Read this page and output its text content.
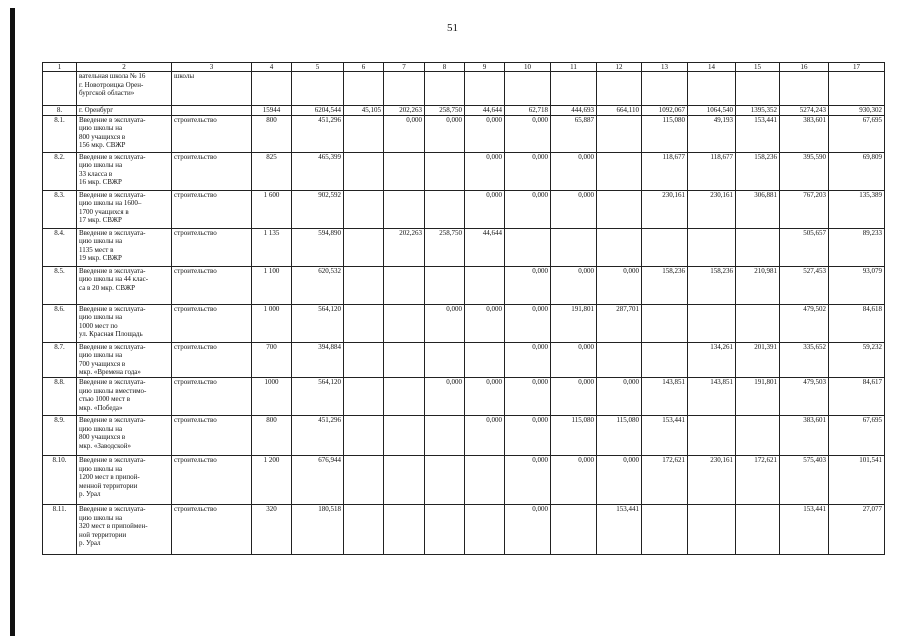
51
1	2	3	4	5	6	7	8	9	10	11	12	13	14	15	16	17
	вательная школа № 16
г. Новотроицка Орен-
бургской области»	школы														
8.	г. Оренбург		15944	6204,544	45,105	202,263	258,750	44,644	62,718	444,693	664,110	1092,067	1064,540	1395,352	5274,243	930,302
8.1.	Введение в эксплуата-
цию школы на
800 учащихся в
156 мкр. СВЖР	строительство	800	451,296		0,000	0,000	0,000	0,000	65,887		115,080	49,193	153,441	383,601	67,695
8.2.	Введение в эксплуата-
цию школы на
33 класса в
16 мкр. СВЖР	строительство	825	465,399				0,000	0,000	0,000		118,677	118,677	158,236	395,590	69,809
8.3.	Введение в эксплуата-
цию школы на 1600–
1700 учащихся в
17 мкр. СВЖР	строительство	1 600	902,592				0,000	0,000	0,000		230,161	230,161	306,881	767,203	135,389
8.4.	Введение в эксплуата-
цию школы на
1135 мест в
19 мкр. СВЖР	строительство	1 135	594,890		202,263	258,750	44,644							505,657	89,233
8.5.	Введение в эксплуата-
цию школы на 44 клас-
са в 20 мкр. СВЖР	строительство	1 100	620,532					0,000	0,000	0,000	158,236	158,236	210,981	527,453	93,079
8.6.	Введение в эксплуата-
цию школы на
1000 мест по
ул. Красная Площадь	строительство	1 000	564,120			0,000	0,000	0,000	191,801	287,701				479,502	84,618
8.7.	Введение в эксплуата-
цию школы на
700 учащихся в
мкр. «Времена года»	строительство	700	394,884					0,000	0,000			134,261	201,391	335,652	59,232
8.8.	Введение в эксплуата-
цию школы вместимо-
стью 1000 мест в
мкр. «Победа»	строительство	1000	564,120			0,000	0,000	0,000	0,000	0,000	143,851	143,851	191,801	479,503	84,617
8.9.	Введение в эксплуата-
цию школы на
800 учащихся в
мкр. «Заводской»	строительство	800	451,296				0,000	0,000	115,080	115,080	153,441			383,601	67,695
8.10.	Введение в эксплуата-
цию школы на
1200 мест в припой-
менной территории
р. Урал	строительство	1 200	676,944					0,000	0,000	0,000	172,621	230,161	172,621	575,403	101,541
8.11.	Введение в эксплуата-
цию школы на
320 мест в припоймен-
ной территории
р. Урал	строительство	320	180,518					0,000		153,441				153,441	27,077
